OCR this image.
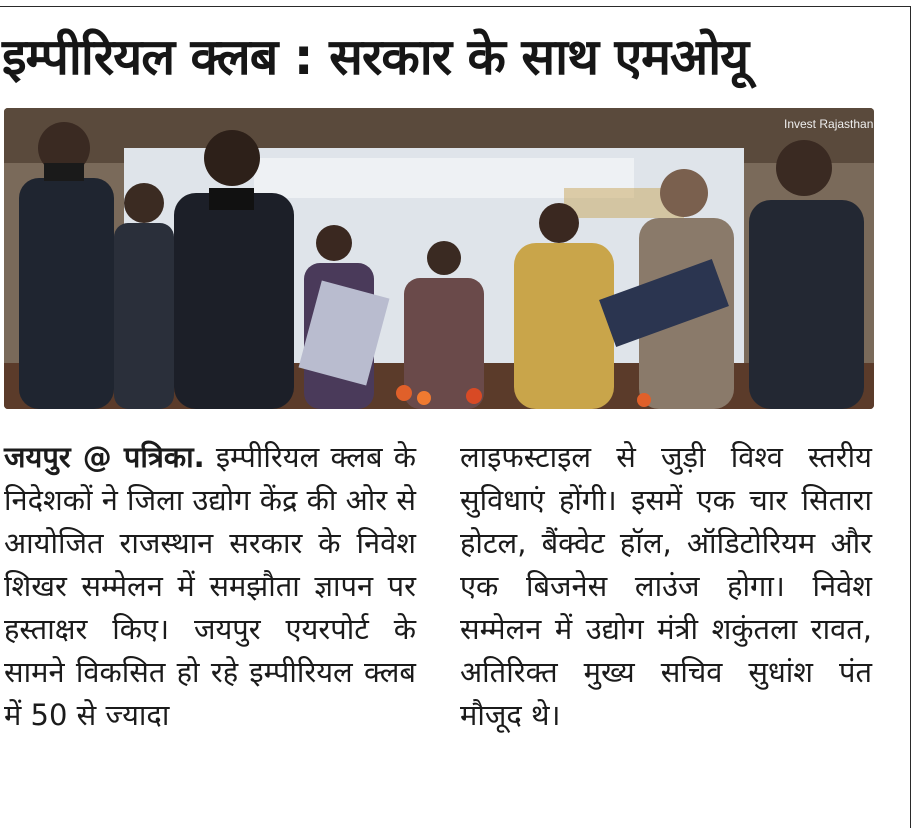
इम्पीरियल क्लब : सरकार के साथ एमओयू
Invest Rajasthan
जयपुर @ पत्रिका. इम्पीरियल क्लब के निदेशकों ने जिला उद्योग केंद्र की ओर से आयोजित राजस्थान सरकार के निवेश शिखर सम्मेलन में समझौता ज्ञापन पर हस्ताक्षर किए। जयपुर एयरपोर्ट के सामने विकसित हो रहे इम्पीरियल क्लब में 50 से ज्यादा
लाइफस्टाइल से जुड़ी विश्व स्तरीय सुविधाएं होंगी। इसमें एक चार सितारा होटल, बैंक्वेट हॉल, ऑडिटोरियम और एक बिजनेस लाउंज होगा। निवेश सम्मेलन में उद्योग मंत्री शकुंतला रावत, अतिरिक्त मुख्य सचिव सुधांश पंत मौजूद थे।
